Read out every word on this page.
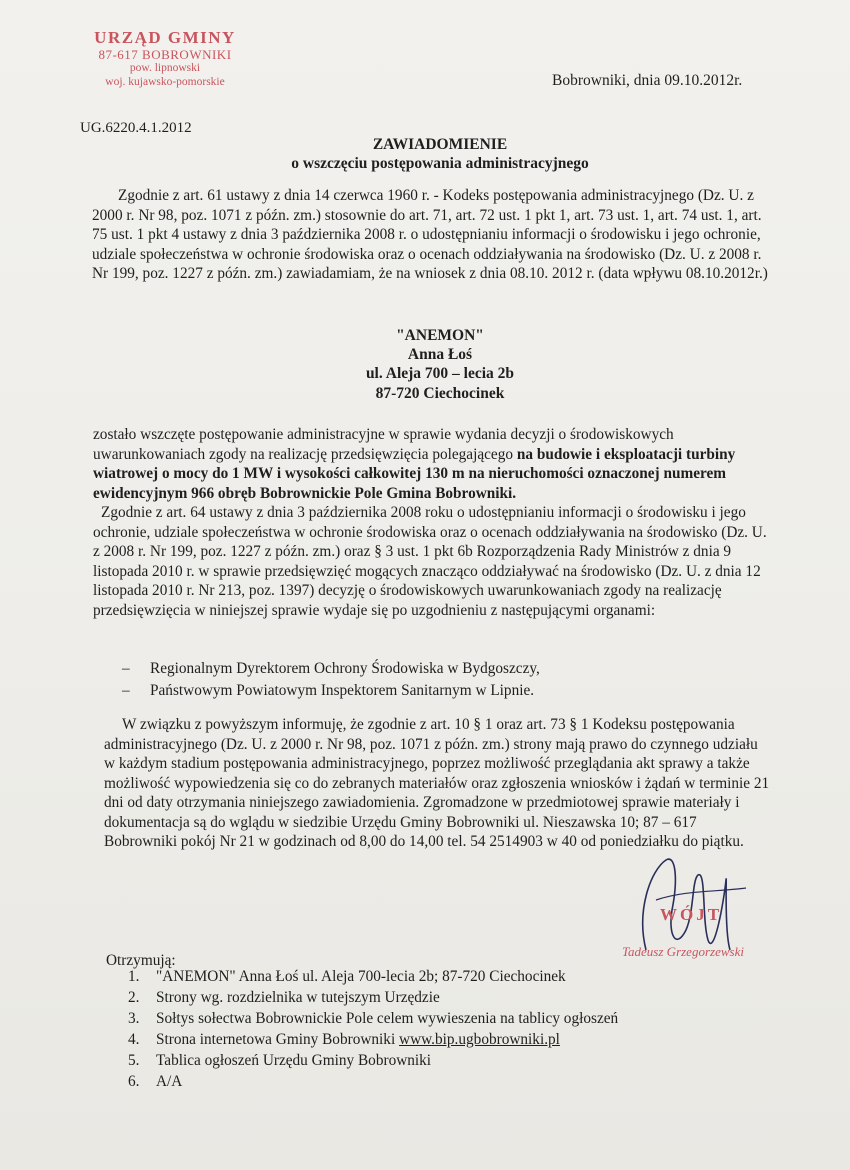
URZĄD GMINY
87-617 BOBROWNIKI
pow. lipnowski
woj. kujawsko-pomorskie	Bobrowniki, dnia 09.10.2012r.
UG.6220.4.1.2012
ZAWIADOMIENIE
o wszczęciu postępowania administracyjnego
Zgodnie z art. 61 ustawy z dnia 14 czerwca 1960 r. - Kodeks postępowania administracyjnego (Dz. U. z 2000 r. Nr 98, poz. 1071 z późn. zm.) stosownie do art. 71, art. 72 ust. 1 pkt 1, art. 73 ust. 1, art. 74 ust. 1, art. 75 ust. 1 pkt 4 ustawy z dnia 3 października 2008 r. o udostępnianiu informacji o środowisku i jego ochronie, udziale społeczeństwa w ochronie środowiska oraz o ocenach oddziaływania na środowisko (Dz. U. z 2008 r. Nr 199, poz. 1227 z późn. zm.) zawiadamiam, że na wniosek z dnia 08.10. 2012 r. (data wpływu 08.10.2012r.)
"ANEMON"
Anna Łoś
ul. Aleja 700 – lecia 2b
87-720 Ciechocinek
zostało wszczęte postępowanie administracyjne w sprawie wydania decyzji o środowiskowych uwarunkowaniach zgody na realizację przedsięwzięcia polegającego na budowie i eksploatacji turbiny wiatrowej o mocy do 1 MW i wysokości całkowitej 130 m na nieruchomości oznaczonej numerem ewidencyjnym 966 obręb Bobrownickie Pole Gmina Bobrowniki.
Zgodnie z art. 64 ustawy z dnia 3 października 2008 roku o udostępnianiu informacji o środowisku i jego ochronie, udziale społeczeństwa w ochronie środowiska oraz o ocenach oddziaływania na środowisko (Dz. U. z 2008 r. Nr 199, poz. 1227 z późn. zm.) oraz § 3 ust. 1 pkt 6b Rozporządzenia Rady Ministrów z dnia 9 listopada 2010 r. w sprawie przedsięwzięć mogących znacząco oddziaływać na środowisko (Dz. U. z dnia 12 listopada 2010 r. Nr 213, poz. 1397) decyzję o środowiskowych uwarunkowaniach zgody na realizację przedsięwzięcia w niniejszej sprawie wydaje się po uzgodnieniu z następującymi organami:
– Regionalnym Dyrektorem Ochrony Środowiska w Bydgoszczy,
– Państwowym Powiatowym Inspektorem Sanitarnym w Lipnie.
W związku z powyższym informuję, że zgodnie z art. 10 § 1 oraz art. 73 § 1 Kodeksu postępowania administracyjnego (Dz. U. z 2000 r. Nr 98, poz. 1071 z późn. zm.) strony mają prawo do czynnego udziału w każdym stadium postępowania administracyjnego, poprzez możliwość przeglądania akt sprawy a także możliwość wypowiedzenia się co do zebranych materiałów oraz zgłoszenia wniosków i żądań w terminie 21 dni od daty otrzymania niniejszego zawiadomienia. Zgromadzone w przedmiotowej sprawie materiały i dokumentacja są do wglądu w siedzibie Urzędu Gminy Bobrowniki ul. Nieszawska 10; 87 – 617 Bobrowniki pokój Nr 21 w godzinach od 8,00 do 14,00 tel. 54 2514903 w 40 od poniedziałku do piątku.
WÓJT
Tadeusz Grzegorzewski
Otrzymują:
1. "ANEMON" Anna Łoś ul. Aleja 700-lecia 2b; 87-720 Ciechocinek
2. Strony wg. rozdzielnika w tutejszym Urzędzie
3. Sołtys sołectwa Bobrownickie Pole celem wywieszenia na tablicy ogłoszeń
4. Strona internetowa Gminy Bobrowniki www.bip.ugbobrowniki.pl
5. Tablica ogłoszeń Urzędu Gminy Bobrowniki
6. A/A
